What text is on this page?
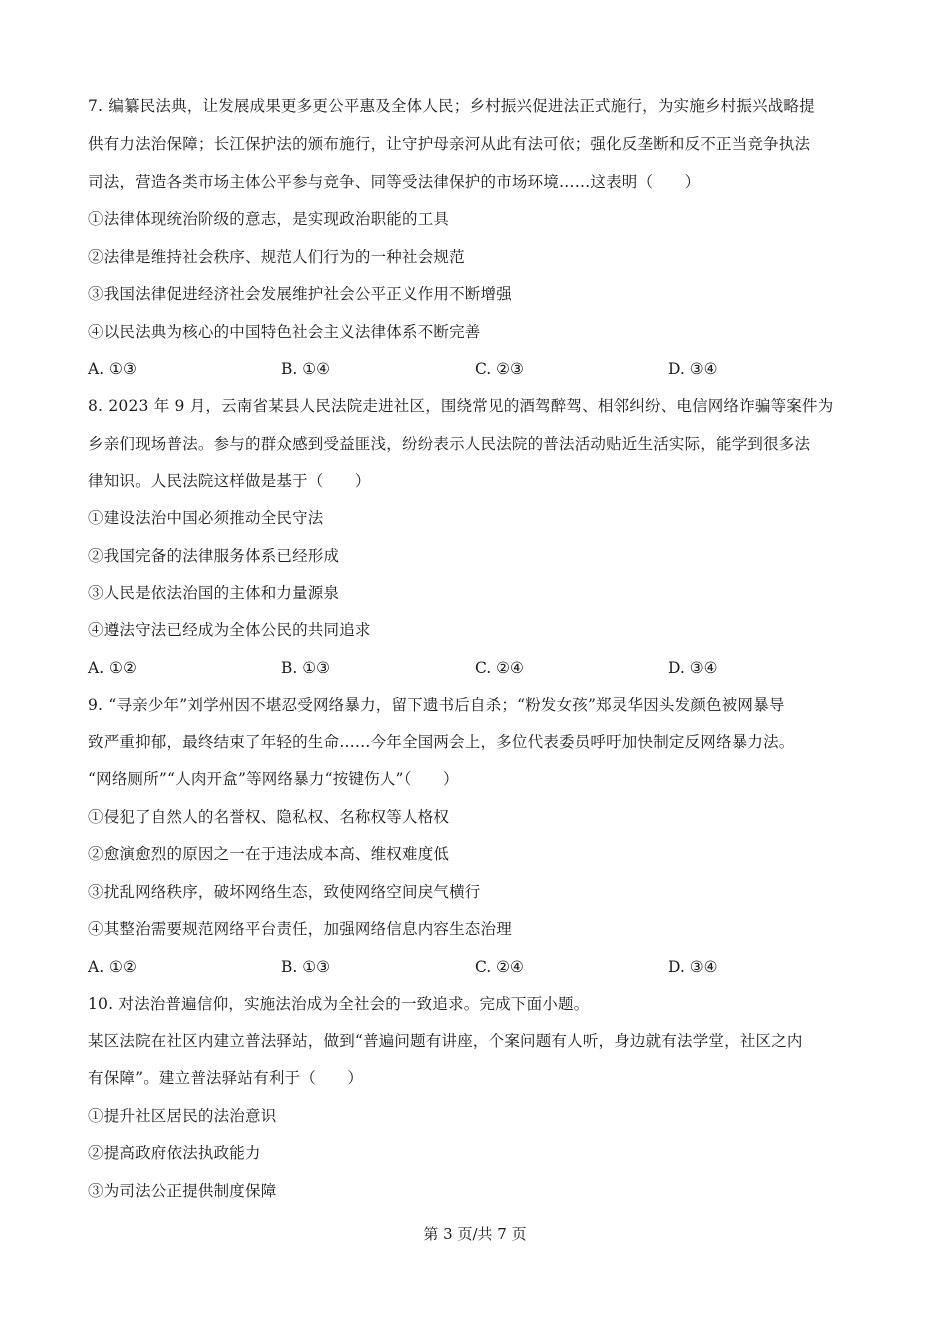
7. 编纂民法典，让发展成果更多更公平惠及全体人民；乡村振兴促进法正式施行，为实施乡村振兴战略提
供有力法治保障；长江保护法的颁布施行，让守护母亲河从此有法可依；强化反垄断和反不正当竞争执法
司法，营造各类市场主体公平参与竞争、同等受法律保护的市场环境……这表明（　　）
①法律体现统治阶级的意志，是实现政治职能的工具
②法律是维持社会秩序、规范人们行为的一种社会规范
③我国法律促进经济社会发展维护社会公平正义作用不断增强
④以民法典为核心的中国特色社会主义法律体系不断完善
A. ①③	B. ①④	C. ②③	D. ③④
8. 2023 年 9 月，云南省某县人民法院走进社区，围绕常见的酒驾醉驾、相邻纠纷、电信网络诈骗等案件为
乡亲们现场普法。参与的群众感到受益匪浅，纷纷表示人民法院的普法活动贴近生活实际，能学到很多法
律知识。人民法院这样做是基于（　　）
①建设法治中国必须推动全民守法
②我国完备的法律服务体系已经形成
③人民是依法治国的主体和力量源泉
④遵法守法已经成为全体公民的共同追求
A. ①②	B. ①③	C. ②④	D. ③④
9. “寻亲少年”刘学州因不堪忍受网络暴力，留下遗书后自杀；“粉发女孩”郑灵华因头发颜色被网暴导
致严重抑郁，最终结束了年轻的生命……今年全国两会上，多位代表委员呼吁加快制定反网络暴力法。
“网络厕所”“人肉开盒”等网络暴力“按键伤人”（　　）
①侵犯了自然人的名誉权、隐私权、名称权等人格权
②愈演愈烈的原因之一在于违法成本高、维权难度低
③扰乱网络秩序，破坏网络生态，致使网络空间戾气横行
④其整治需要规范网络平台责任，加强网络信息内容生态治理
A. ①②	B. ①③	C. ②④	D. ③④
10. 对法治普遍信仰，实施法治成为全社会的一致追求。完成下面小题。
某区法院在社区内建立普法驿站，做到“普遍问题有讲座，个案问题有人听，身边就有法学堂，社区之内
有保障”。建立普法驿站有利于（　　）
①提升社区居民的法治意识
②提高政府依法执政能力
③为司法公正提供制度保障
第 3 页/共 7 页
